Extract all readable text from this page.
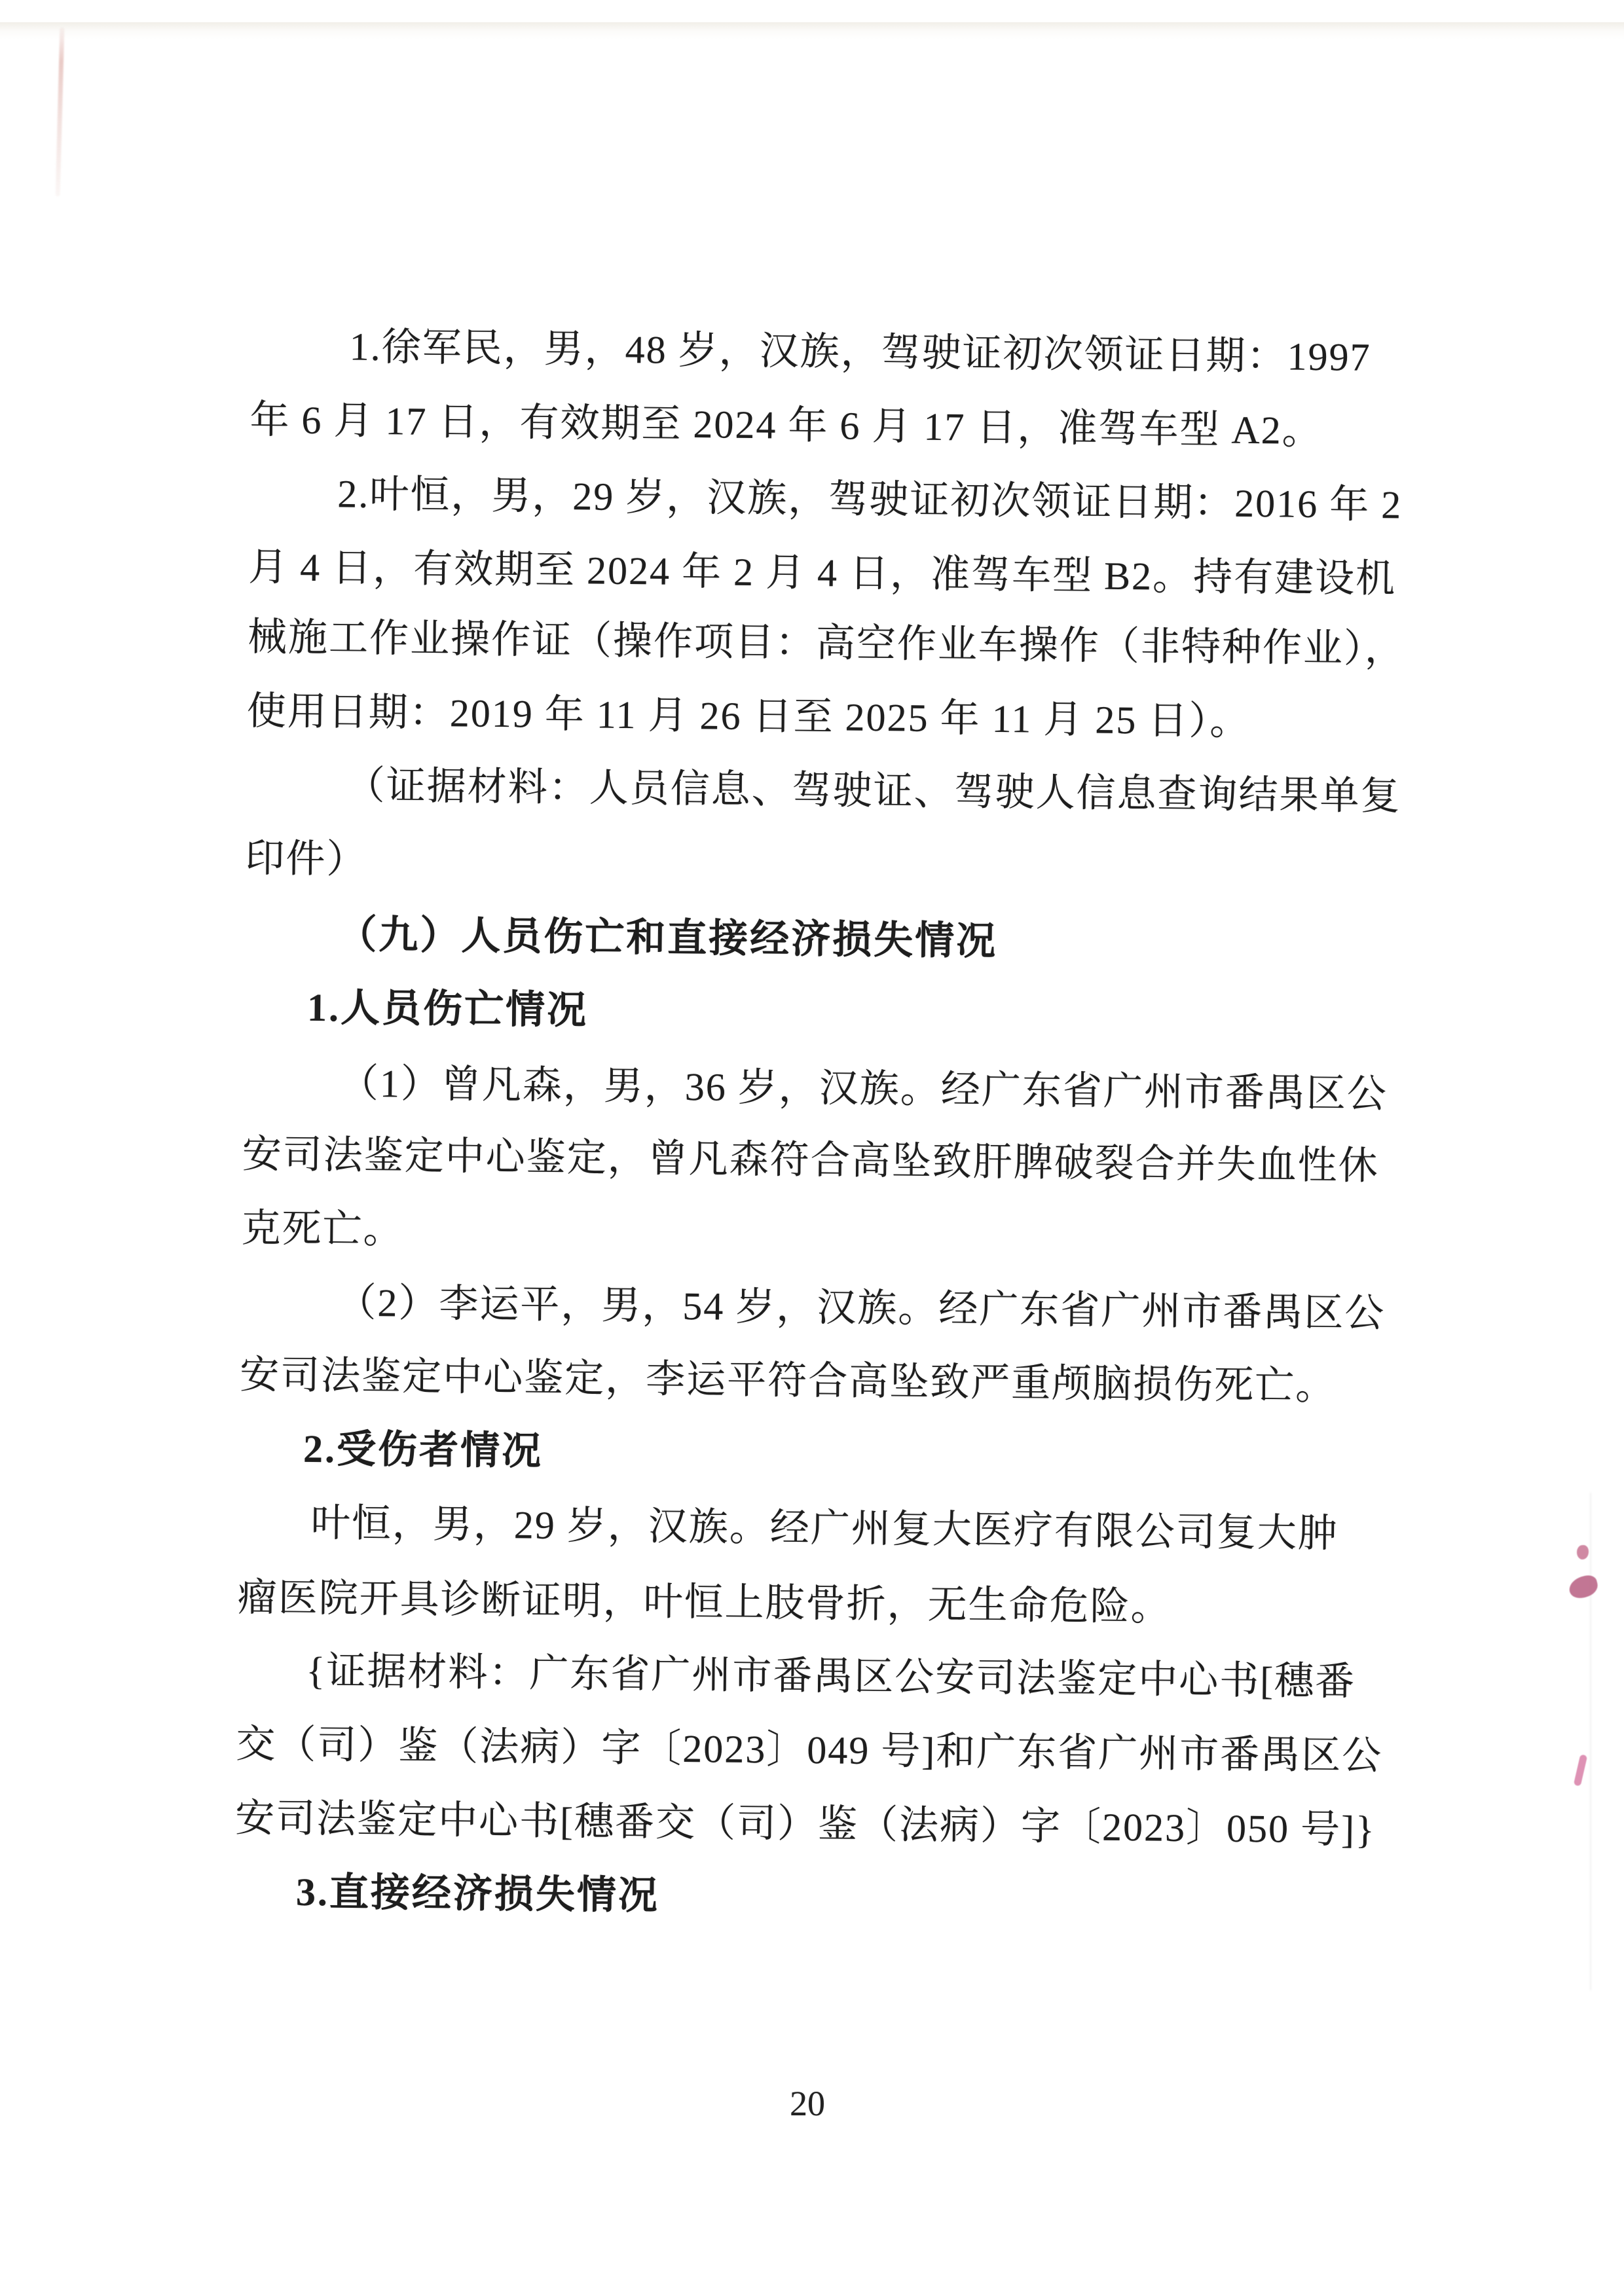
1.徐军民，男，48 岁，汉族，驾驶证初次领证日期：1997
年 6 月 17 日，有效期至 2024 年 6 月 17 日，准驾车型 A2。
2.叶恒，男，29 岁，汉族，驾驶证初次领证日期：2016 年 2
月 4 日，有效期至 2024 年 2 月 4 日，准驾车型 B2。持有建设机
械施工作业操作证（操作项目：高空作业车操作（非特种作业），
使用日期：2019 年 11 月 26 日至 2025 年 11 月 25 日）。
（证据材料：人员信息、驾驶证、驾驶人信息查询结果单复
印件）
（九）人员伤亡和直接经济损失情况
1.人员伤亡情况
（1）曾凡森，男，36 岁，汉族。经广东省广州市番禺区公
安司法鉴定中心鉴定，曾凡森符合高坠致肝脾破裂合并失血性休
克死亡。
（2）李运平，男，54 岁，汉族。经广东省广州市番禺区公
安司法鉴定中心鉴定，李运平符合高坠致严重颅脑损伤死亡。
2.受伤者情况
叶恒，男，29 岁，汉族。经广州复大医疗有限公司复大肿
瘤医院开具诊断证明，叶恒上肢骨折，无生命危险。
{证据材料：广东省广州市番禺区公安司法鉴定中心书[穗番
交（司）鉴（法病）字〔2023〕049 号]和广东省广州市番禺区公
安司法鉴定中心书[穗番交（司）鉴（法病）字〔2023〕050 号]}
3.直接经济损失情况
20
